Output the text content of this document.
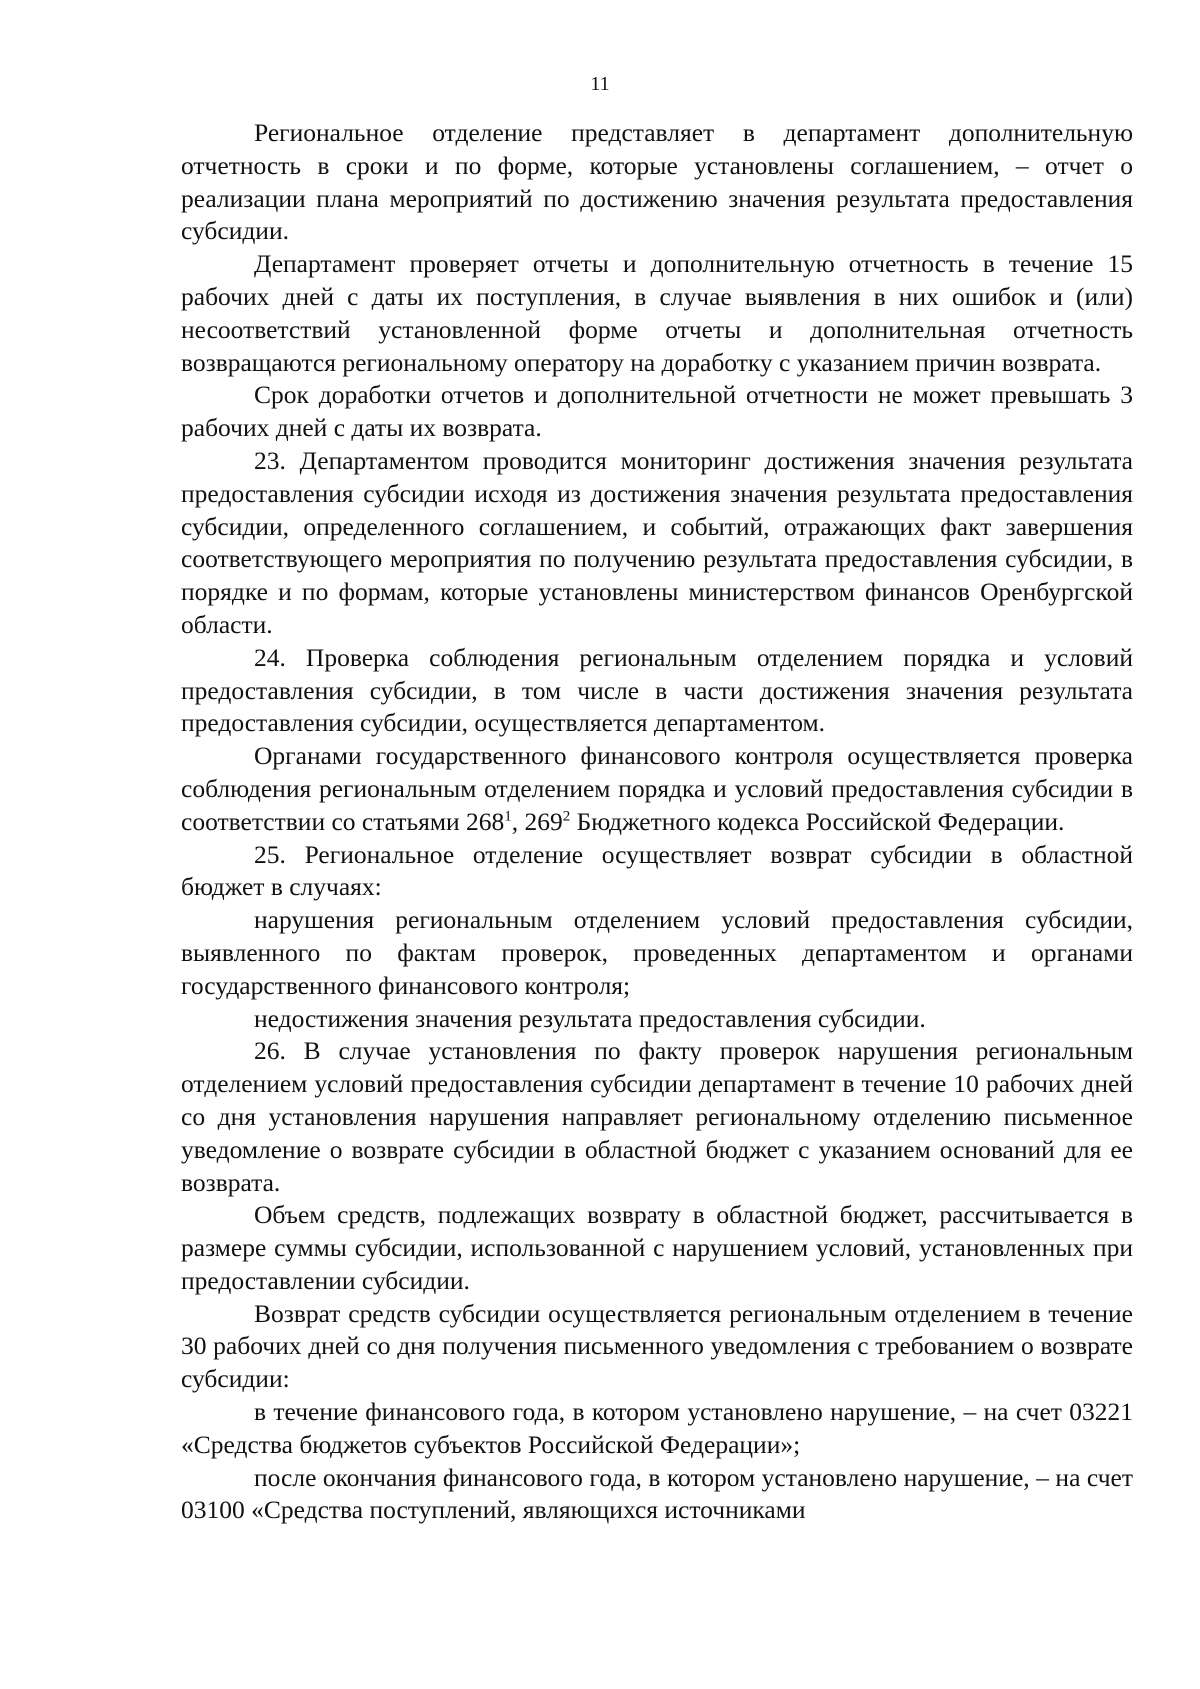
11

Региональное отделение представляет в департамент дополнительную отчетность в сроки и по форме, которые установлены соглашением, – отчет о реализации плана мероприятий по достижению значения результата предоставления субсидии.

Департамент проверяет отчеты и дополнительную отчетность в течение 15 рабочих дней с даты их поступления, в случае выявления в них ошибок и (или) несоответствий установленной форме отчеты и дополнительная отчетность возвращаются региональному оператору на доработку с указанием причин возврата.

Срок доработки отчетов и дополнительной отчетности не может превышать 3 рабочих дней с даты их возврата.

23. Департаментом проводится мониторинг достижения значения результата предоставления субсидии исходя из достижения значения результата предоставления субсидии, определенного соглашением, и событий, отражающих факт завершения соответствующего мероприятия по получению результата предоставления субсидии, в порядке и по формам, которые установлены министерством финансов Оренбургской области.

24. Проверка соблюдения региональным отделением порядка и условий предоставления субсидии, в том числе в части достижения значения результата предоставления субсидии, осуществляется департаментом.

Органами государственного финансового контроля осуществляется проверка соблюдения региональным отделением порядка и условий предоставления субсидии в соответствии со статьями $268^1$, $269^2$ Бюджетного кодекса Российской Федерации.

25. Региональное отделение осуществляет возврат субсидии в областной бюджет в случаях:

нарушения региональным отделением условий предоставления субсидии, выявленного по фактам проверок, проведенных департаментом и органами государственного финансового контроля;

недостижения значения результата предоставления субсидии.

26. В случае установления по факту проверок нарушения региональным отделением условий предоставления субсидии департамент в течение 10 рабочих дней со дня установления нарушения направляет региональному отделению письменное уведомление о возврате субсидии в областной бюджет с указанием оснований для ее возврата.

Объем средств, подлежащих возврату в областной бюджет, рассчитывается в размере суммы субсидии, использованной с нарушением условий, установленных при предоставлении субсидии.

Возврат средств субсидии осуществляется региональным отделением в течение 30 рабочих дней со дня получения письменного уведомления с требованием о возврате субсидии:

в течение финансового года, в котором установлено нарушение, – на счет 03221 «Средства бюджетов субъектов Российской Федерации»;

после окончания финансового года, в котором установлено нарушение, – на счет 03100 «Средства поступлений, являющихся источниками
